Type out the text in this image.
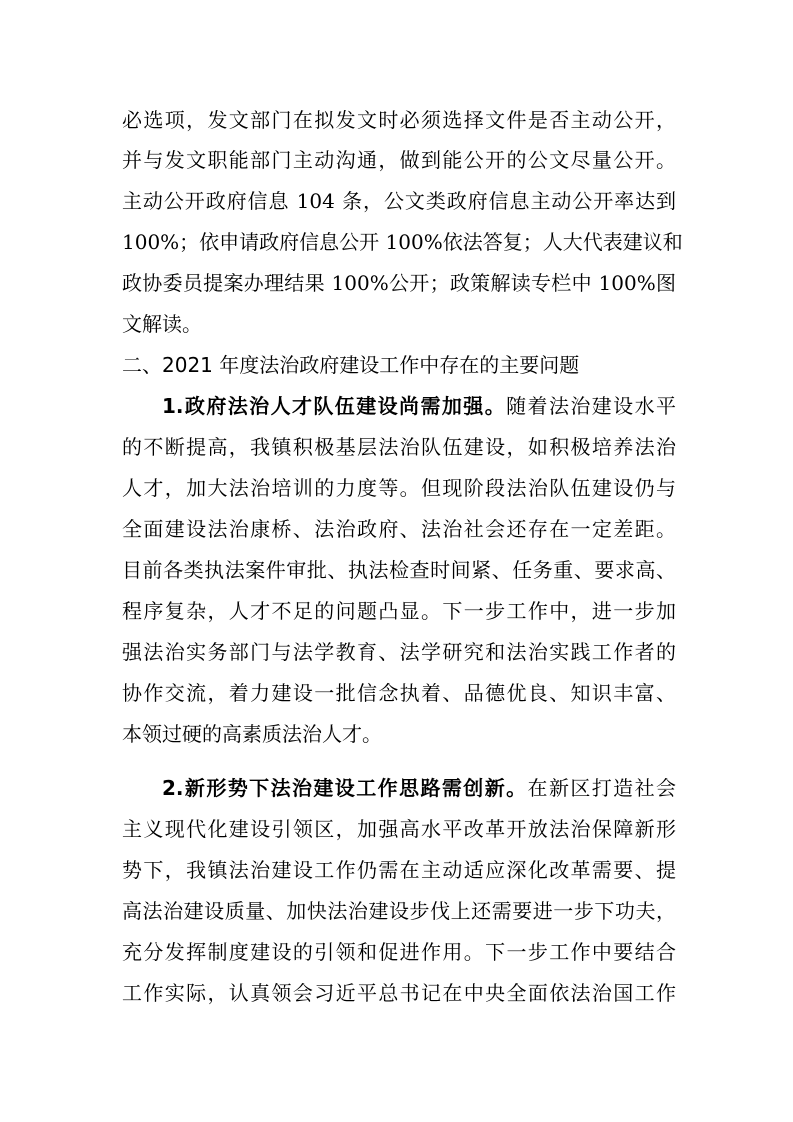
必选项，发文部门在拟发文时必须选择文件是否主动公开，
并与发文职能部门主动沟通，做到能公开的公文尽量公开。
主动公开政府信息 104 条，公文类政府信息主动公开率达到
100%；依申请政府信息公开 100%依法答复；人大代表建议和
政协委员提案办理结果 100%公开；政策解读专栏中 100%图
文解读。
二、2021 年度法治政府建设工作中存在的主要问题
1.政府法治人才队伍建设尚需加强。随着法治建设水平
的不断提高，我镇积极基层法治队伍建设，如积极培养法治
人才，加大法治培训的力度等。但现阶段法治队伍建设仍与
全面建设法治康桥、法治政府、法治社会还存在一定差距。
目前各类执法案件审批、执法检查时间紧、任务重、要求高、
程序复杂，人才不足的问题凸显。下一步工作中，进一步加
强法治实务部门与法学教育、法学研究和法治实践工作者的
协作交流，着力建设一批信念执着、品德优良、知识丰富、
本领过硬的高素质法治人才。
2.新形势下法治建设工作思路需创新。在新区打造社会
主义现代化建设引领区，加强高水平改革开放法治保障新形
势下，我镇法治建设工作仍需在主动适应深化改革需要、提
高法治建设质量、加快法治建设步伐上还需要进一步下功夫，
充分发挥制度建设的引领和促进作用。下一步工作中要结合
工作实际，认真领会习近平总书记在中央全面依法治国工作
